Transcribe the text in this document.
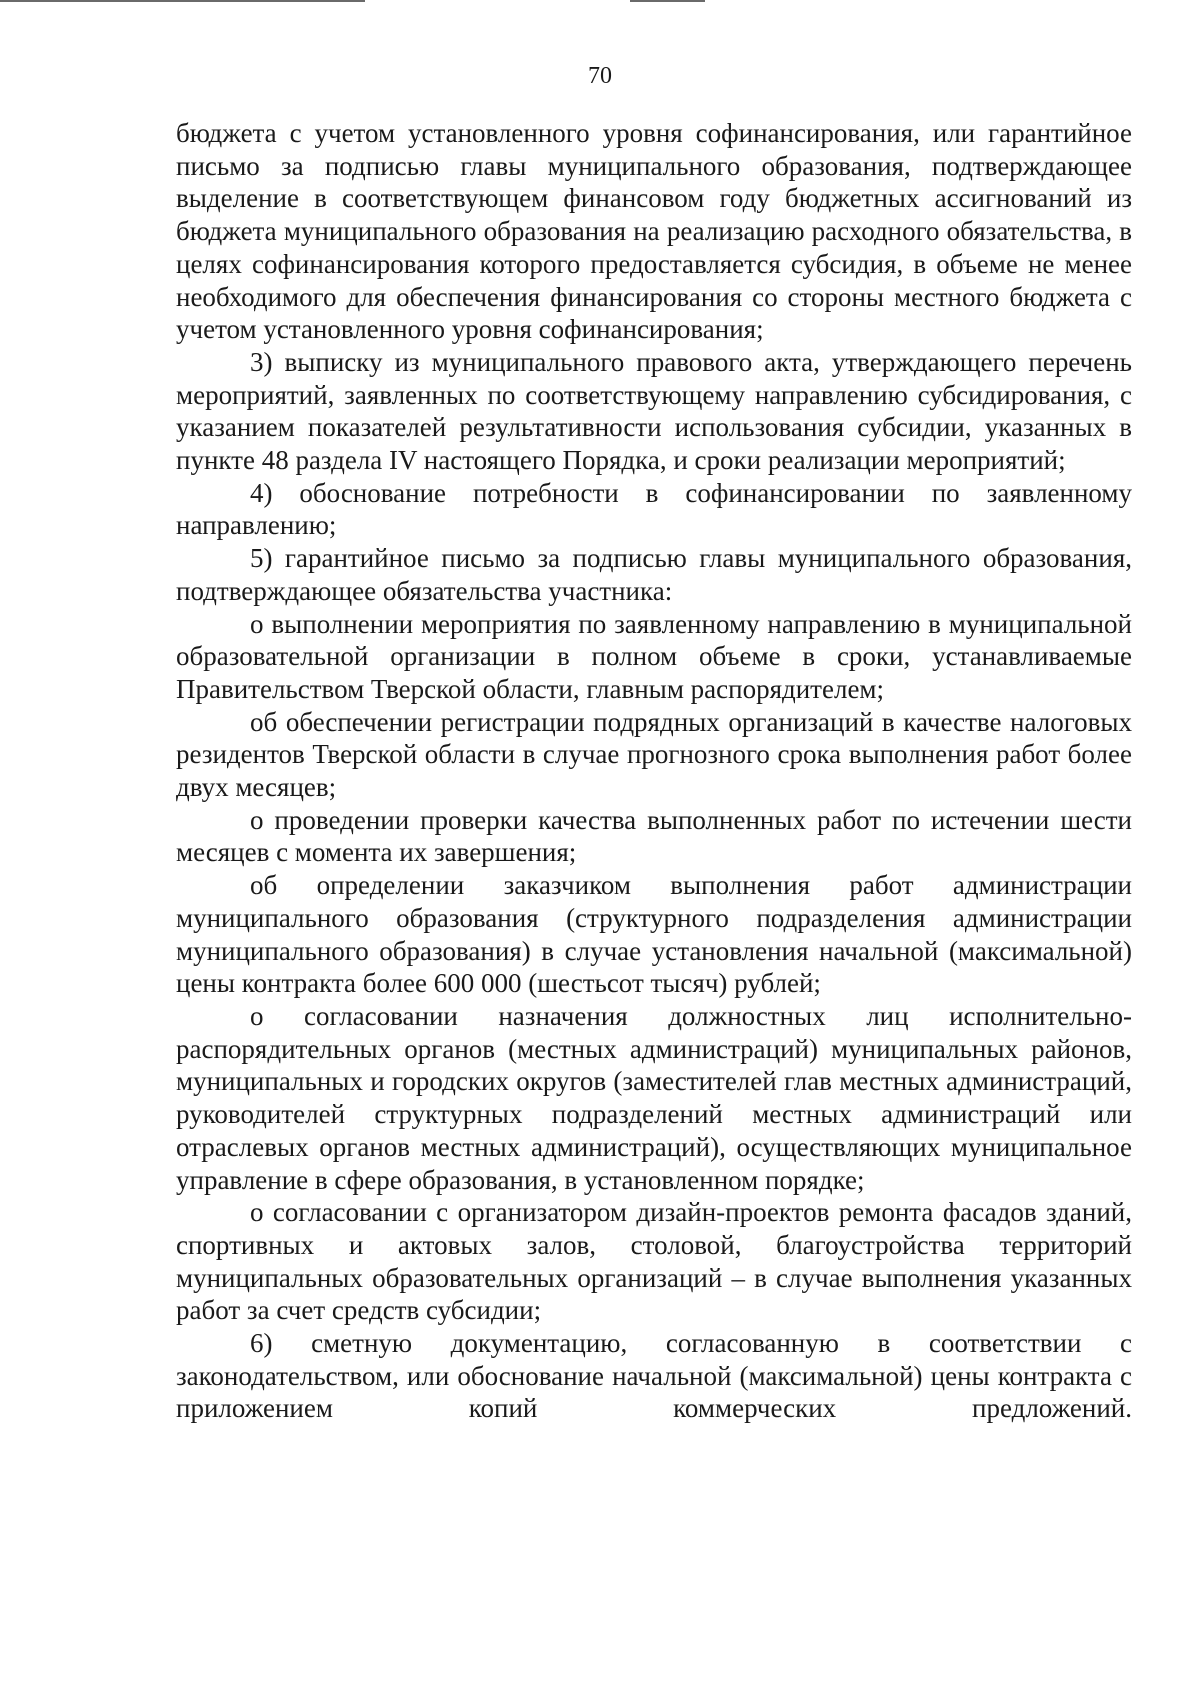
70

бюджета с учетом установленного уровня софинансирования, или гарантийное письмо за подписью главы муниципального образования, подтверждающее выделение в соответствующем финансовом году бюджетных ассигнований из бюджета муниципального образования на реализацию расходного обязательства, в целях софинансирования которого предоставляется субсидия, в объеме не менее необходимого для обеспечения финансирования со стороны местного бюджета с учетом установленного уровня софинансирования;

3) выписку из муниципального правового акта, утверждающего перечень мероприятий, заявленных по соответствующему направлению субсидирования, с указанием показателей результативности использования субсидии, указанных в пункте 48 раздела IV настоящего Порядка, и сроки реализации мероприятий;

4) обоснование потребности в софинансировании по заявленному направлению;

5) гарантийное письмо за подписью главы муниципального образования, подтверждающее обязательства участника:

о выполнении мероприятия по заявленному направлению в муниципальной образовательной организации в полном объеме в сроки, устанавливаемые Правительством Тверской области, главным распорядителем;

об обеспечении регистрации подрядных организаций в качестве налоговых резидентов Тверской области в случае прогнозного срока выполнения работ более двух месяцев;

о проведении проверки качества выполненных работ по истечении шести месяцев с момента их завершения;

об определении заказчиком выполнения работ администрации муниципального образования (структурного подразделения администрации муниципального образования) в случае установления начальной (максимальной) цены контракта более 600 000 (шестьсот тысяч) рублей;

о согласовании назначения должностных лиц исполнительно-распорядительных органов (местных администраций) муниципальных районов, муниципальных и городских округов (заместителей глав местных администраций, руководителей структурных подразделений местных администраций или отраслевых органов местных администраций), осуществляющих муниципальное управление в сфере образования, в установленном порядке;

о согласовании с организатором дизайн-проектов ремонта фасадов зданий, спортивных и актовых залов, столовой, благоустройства территорий муниципальных образовательных организаций – в случае выполнения указанных работ за счет средств субсидии;

6) сметную документацию, согласованную в соответствии с законодательством, или обоснование начальной (максимальной) цены контракта с приложением копий коммерческих предложений.
